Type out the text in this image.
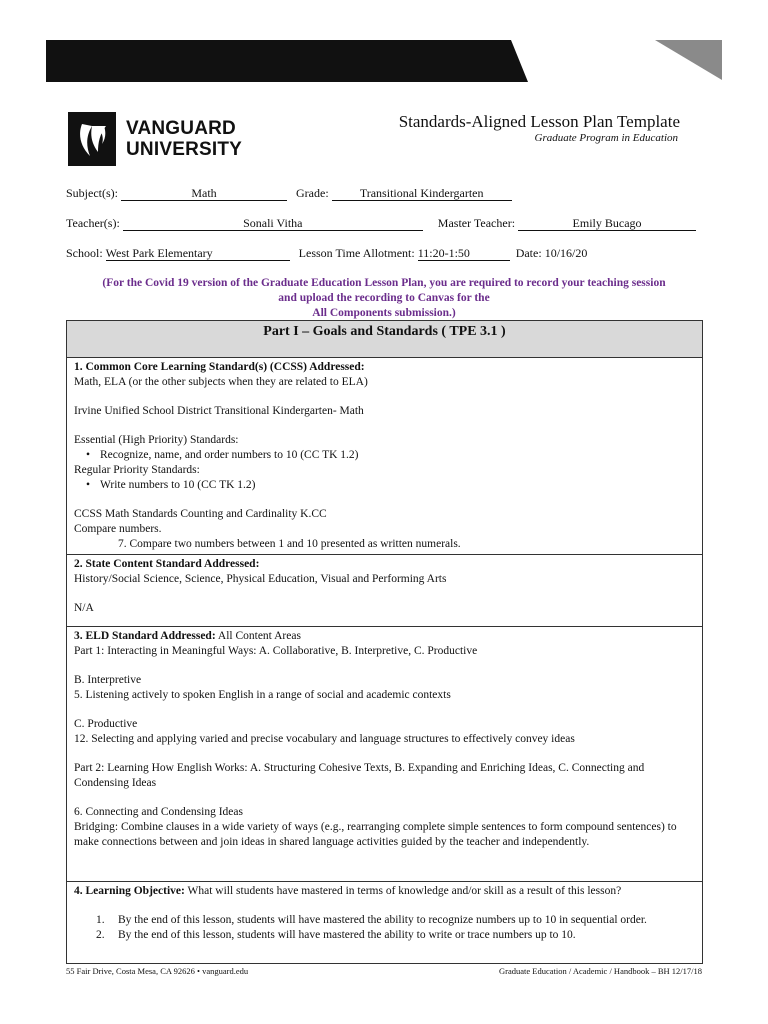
VANGUARD
UNIVERSITY
Standards-Aligned Lesson Plan Template
Graduate Program in Education
Subject(s):	Math	Grade:	Transitional Kindergarten
Teacher(s):	Sonali Vitha	Master Teacher:	Emily Bucago
School: West Park Elementary	Lesson Time Allotment: 11:20-1:50	Date: 10/16/20
(For the Covid 19 version of the Graduate Education Lesson Plan, you are required to record your teaching session
and upload the recording to Canvas for the
All Components submission.)
Part I – Goals and Standards ( TPE 3.1 )

1. Common Core Learning Standard(s) (CCSS) Addressed:

Math, ELA (or the other subjects when they are related to ELA)

Irvine Unified School District Transitional Kindergarten- Math

Essential (High Priority) Standards:

• Recognize, name, and order numbers to 10 (CC TK 1.2)

Regular Priority Standards:

• Write numbers to 10 (CC TK 1.2)

CCSS Math Standards Counting and Cardinality K.CC

Compare numbers.

7. Compare two numbers between 1 and 10 presented as written numerals.

2. State Content Standard Addressed:

History/Social Science, Science, Physical Education, Visual and Performing Arts

N/A

3. ELD Standard Addressed: All Content Areas

Part 1: Interacting in Meaningful Ways: A. Collaborative, B. Interpretive, C. Productive

B. Interpretive

5. Listening actively to spoken English in a range of social and academic contexts

C. Productive

12. Selecting and applying varied and precise vocabulary and language structures to effectively convey ideas

Part 2: Learning How English Works: A. Structuring Cohesive Texts, B. Expanding and Enriching Ideas, C. Connecting and Condensing Ideas

6. Connecting and Condensing Ideas

Bridging: Combine clauses in a wide variety of ways (e.g., rearranging complete simple sentences to form compound sentences) to make connections between and join ideas in shared language activities guided by the teacher and independently.

4. Learning Objective: What will students have mastered in terms of knowledge and/or skill as a result of this lesson?

1. By the end of this lesson, students will have mastered the ability to recognize numbers up to 10 in sequential order.

2. By the end of this lesson, students will have mastered the ability to write or trace numbers up to 10.

55 Fair Drive, Costa Mesa, CA 92626 • vanguard.edu	Graduate Education / Academic / Handbook – BH 12/17/18
